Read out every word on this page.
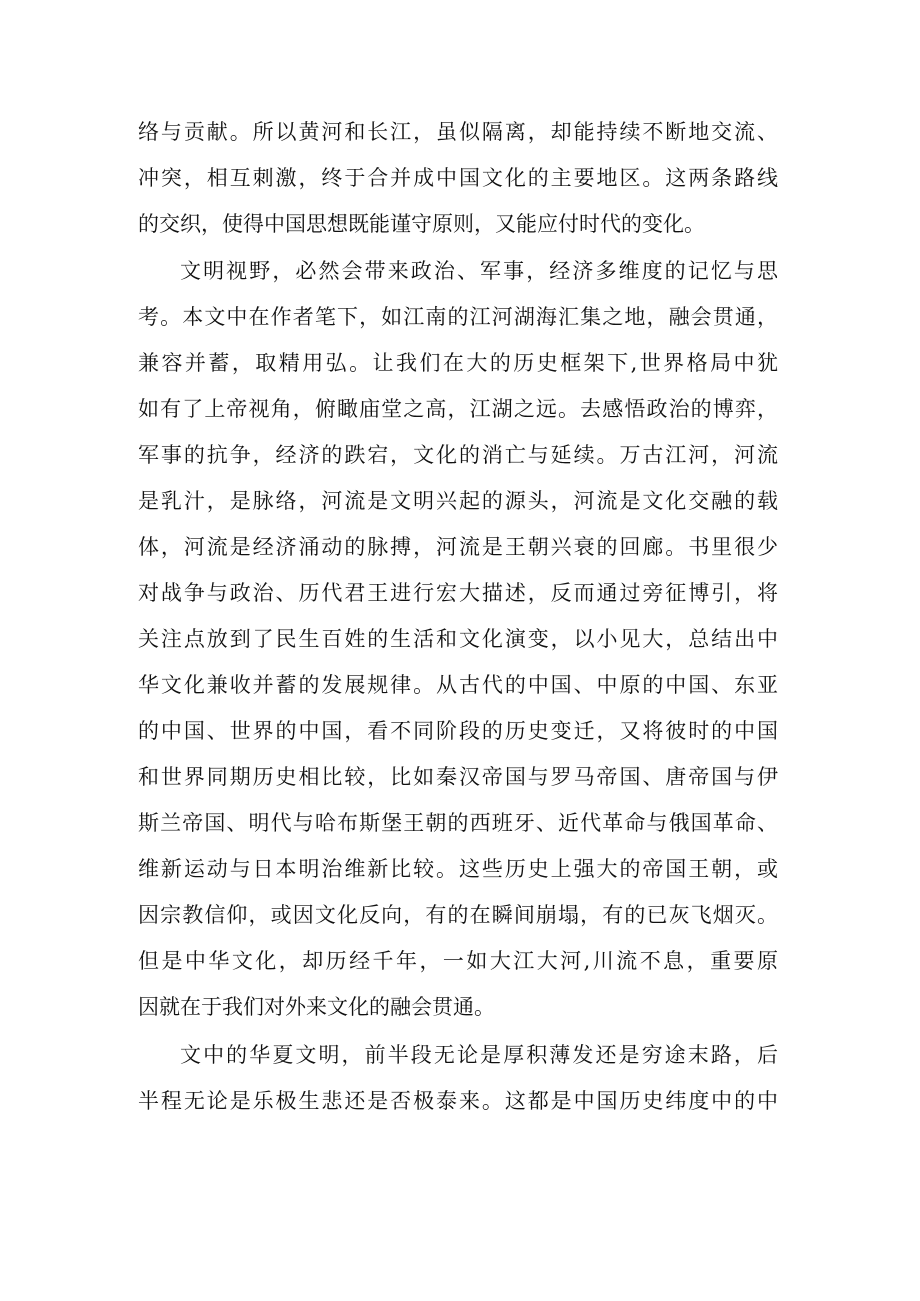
络与贡献。所以黄河和长江，虽似隔离，却能持续不断地交流、
冲突，相互刺激，终于合并成中国文化的主要地区。这两条路线
的交织，使得中国思想既能谨守原则，又能应付时代的变化。
文明视野，必然会带来政治、军事，经济多维度的记忆与思
考。本文中在作者笔下，如江南的江河湖海汇集之地，融会贯通，
兼容并蓄，取精用弘。让我们在大的历史框架下,世界格局中犹
如有了上帝视角，俯瞰庙堂之高，江湖之远。去感悟政治的博弈，
军事的抗争，经济的跌宕，文化的消亡与延续。万古江河，河流
是乳汁，是脉络，河流是文明兴起的源头，河流是文化交融的载
体，河流是经济涌动的脉搏，河流是王朝兴衰的回廊。书里很少
对战争与政治、历代君王进行宏大描述，反而通过旁征博引，将
关注点放到了民生百姓的生活和文化演变，以小见大，总结出中
华文化兼收并蓄的发展规律。从古代的中国、中原的中国、东亚
的中国、世界的中国，看不同阶段的历史变迁，又将彼时的中国
和世界同期历史相比较，比如秦汉帝国与罗马帝国、唐帝国与伊
斯兰帝国、明代与哈布斯堡王朝的西班牙、近代革命与俄国革命、
维新运动与日本明治维新比较。这些历史上强大的帝国王朝，或
因宗教信仰，或因文化反向，有的在瞬间崩塌，有的已灰飞烟灭。
但是中华文化，却历经千年，一如大江大河,川流不息，重要原
因就在于我们对外来文化的融会贯通。
文中的华夏文明，前半段无论是厚积薄发还是穷途末路，后
半程无论是乐极生悲还是否极泰来。这都是中国历史纬度中的中
